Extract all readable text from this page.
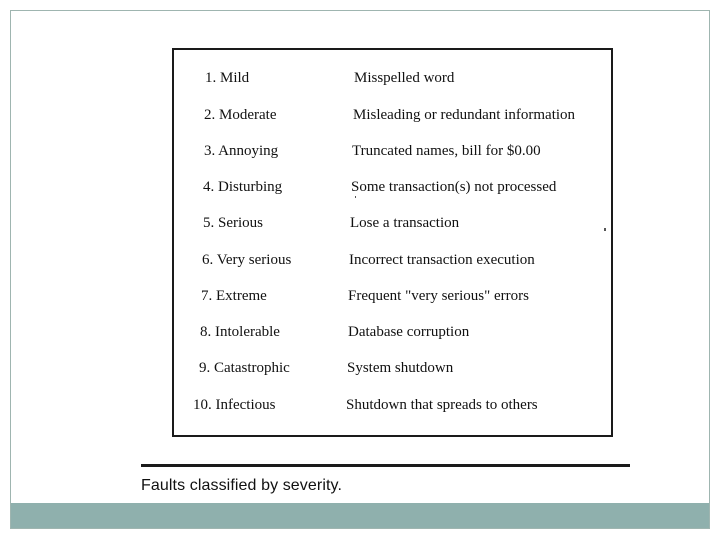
1. Mild	Misspelled word
2. Moderate	Misleading or redundant information
3. Annoying	Truncated names, bill for $0.00
4. Disturbing	Some transaction(s) not processed
5. Serious	Lose a transaction
6. Very serious	Incorrect transaction execution
7. Extreme	Frequent "very serious" errors
8. Intolerable	Database corruption
9. Catastrophic	System shutdown
10. Infectious	Shutdown that spreads to others
Faults classified by severity.
